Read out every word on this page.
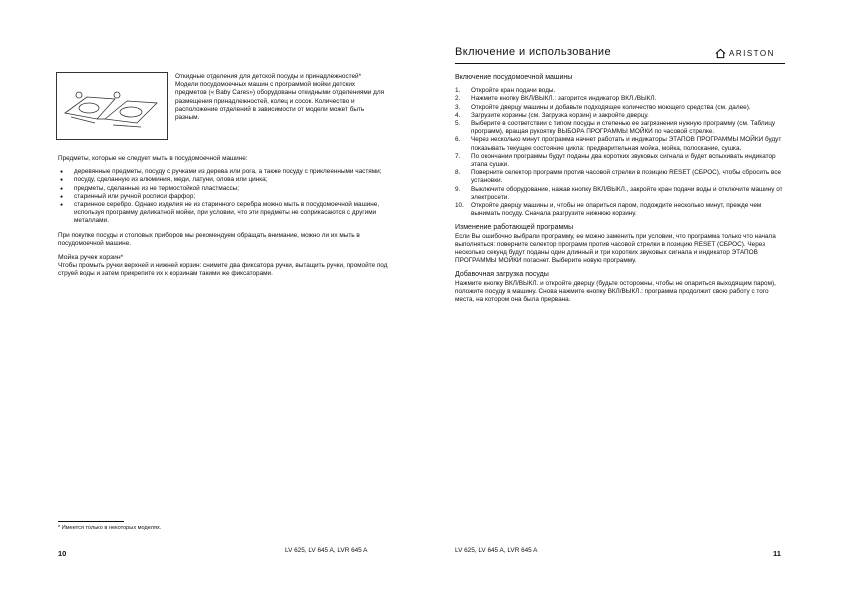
Откидные отделения для детской посуды и принадлежностей*
Модели посудомоечных машин с программой мойки детских предметов (« Baby Cares») оборудованы откидными отделениями для размещения принадлежностей, колец и соcок. Количество и расположение отделений в зависимости от модели может быть разным.
Предметы, которые не следует мыть в посудомоечной машине:
● деревянные предметы, посуду с ручками из дерева или рога, а также посуду с приклеенными частями;
● посуду, сделанную из алюминия, меди, латуни, олова или цинка;
● предметы, сделанные из не термостойкой пластмассы;
● старинный или ручной росписи фарфор;
● старинное серебро. Однако изделия не из старинного серебра можно мыть в посудомоечной машине, используя программу деликатной мойки, при условии, что эти предметы не соприкасаются с другими металлами.
При покупке посуды и столовых приборов мы рекомендуем обращать внимание, можно ли их мыть в посудомоечной машине.
Мойка ручек корзин*
Чтобы промыть ручки верхней и нижней корзин: снимите два фиксатора ручки, вытащить ручки, промойте под струей воды и затем прикрепите их к корзинам такими же фиксаторами.
* Имеется только в некоторых моделях.
10	LV 625, LV 645 A, LVR 645 A
Включение и использование	ARISTON
Включение посудомоечной машины
1. Откройте кран подачи воды.
2. Нажмите кнопку ВКЛ/ВЫКЛ.: загорится индикатор ВКЛ./ВЫКЛ.
3. Откройте дверцу машины и добавьте подходящее количество моющего средства (см. далее).
4. Загрузите корзины (см. Загрузка корзин) и закройте дверцу.
5. Выберите в соответствии с типом посуды и степенью ее загрязнения нужную программу (см. Таблицу программ), вращая рукоятку ВЫБОРА ПРОГРАММЫ МОЙКИ по часовой стрелке.
6. Через несколько минут программа начнет работать и индикаторы ЭТАПОВ ПРОГРАММЫ МОЙКИ будут показывать текущее состояние цикла: предварительная мойка, мойка, полоскание, сушка.
7. По окончании программы будут поданы два коротких звуковых сигнала и будет вспыхивать индикатор этапа сушки.
8. Поверните селектор программ против часовой стрелки в позицию RESET (СБРОС), чтобы сбросить все установки.
9. Выключите оборудование, нажав кнопку ВКЛ/ВЫКЛ., закройте кран подачи воды и отключите машину от электросети.
10. Откройте дверцу машины и, чтобы не опариться паром, подождите несколько минут, прежде чем вынимать посуду. Сначала разгрузите нижнюю корзину.
Изменение работающей программы
Если Вы ошибочно выбрали программу, ее можно заменить при условии, что программа только что начала выполняться: поверните селектор программ против часовой стрелки в позицию RESET (СБРОС). Через несколько секунд будут поданы один длинный и три коротких звуковых сигнала и индикатор ЭТАПОВ ПРОГРАММЫ МОЙКИ погаснет. Выберите новую программу.
Добавочная загрузка посуды
Нажмите кнопку ВКЛ/ВЫКЛ. и откройте дверцу (будьте осторожны, чтобы не опариться выходящим паром), положите посуду в машину. Снова нажмите кнопку ВКЛ/ВЫКЛ.: программа продолжит свою работу с того места, на котором она была прервана.
LV 625, LV 645 A, LVR 645 A	11
